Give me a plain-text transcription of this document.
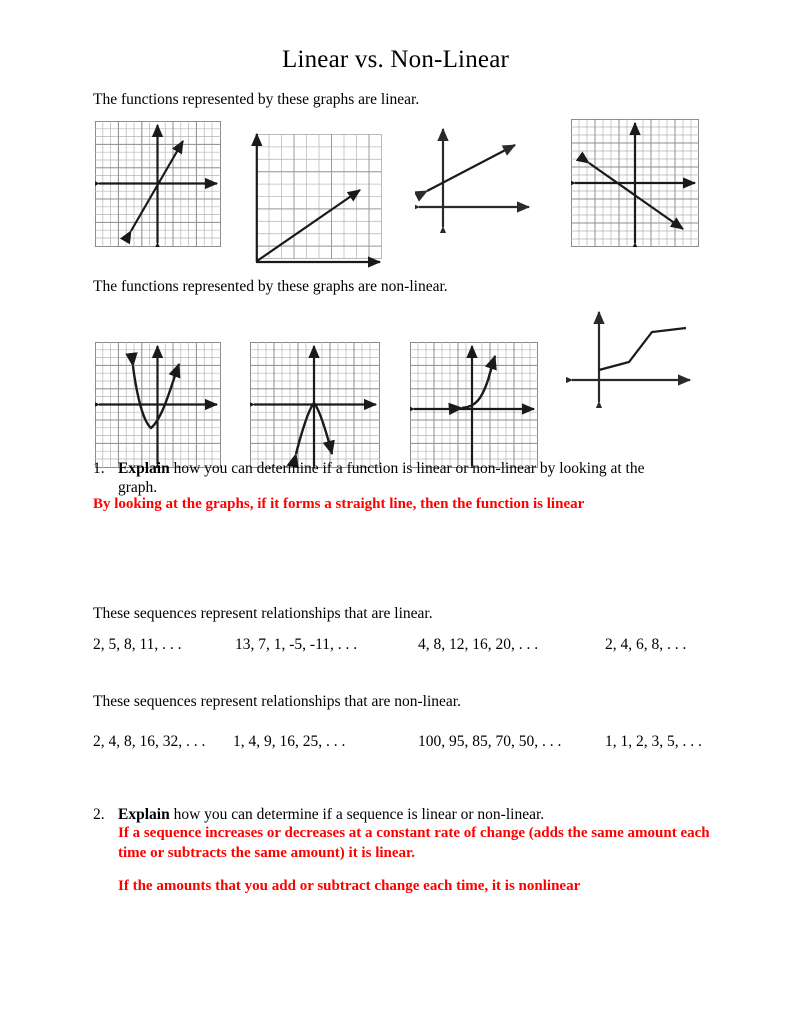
Linear vs. Non-Linear
The functions represented by these graphs are linear.
The functions represented by these graphs are non-linear.
1. Explain how you can determine if a function is linear or non-linear by looking at the
graph.
By looking at the graphs, if it forms a straight line, then the function is linear
These sequences represent relationships that are linear.
2, 5, 8, 11, . . .	13, 7, 1, -5, -11, . . .	4, 8, 12, 16, 20, . . .	2, 4, 6, 8, . . .
These sequences represent relationships that are non-linear.
2, 4, 8, 16, 32, . . . 1, 4, 9, 16, 25, . . .	100, 95, 85, 70, 50, . . .	1, 1, 2, 3, 5, . . .
2. Explain how you can determine if a sequence is linear or non-linear.
If a sequence increases or decreases at a constant rate of change (adds the same amount each time or subtracts the same amount) it is linear.
If the amounts that you add or subtract change each time, it is nonlinear
